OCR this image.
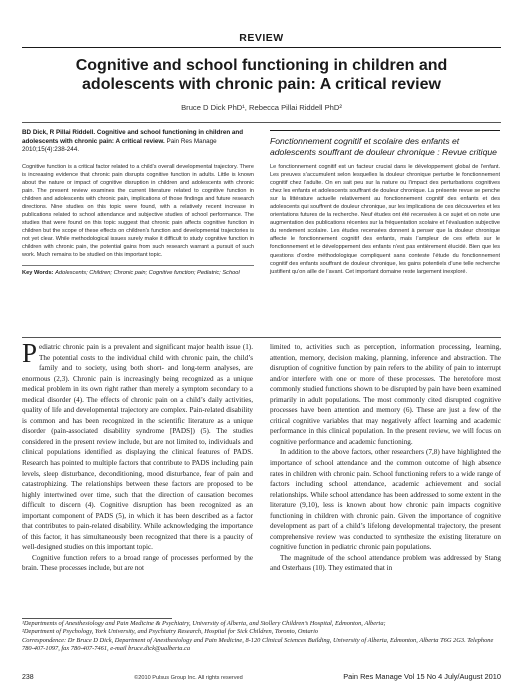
REVIEW
Cognitive and school functioning in children and adolescents with chronic pain: A critical review
Bruce D Dick PhD¹, Rebecca Pillai Riddell PhD²
BD Dick, R Pillai Riddell. Cognitive and school functioning in children and adolescents with chronic pain: A critical review. Pain Res Manage 2010;15(4):238-244.
Cognitive function is a critical factor related to a child’s overall developmental trajectory. There is increasing evidence that chronic pain disrupts cognitive function in adults. Little is known about the nature or impact of cognitive disruption in children and adolescents with chronic pain. The present review examines the current literature related to cognitive function in children and adolescents with chronic pain, implications of those findings and future research directions. Nine studies on this topic were found, with a relatively recent increase in publications related to school attendance and subjective studies of school performance. The studies that were found on this topic suggest that chronic pain affects cognitive function in children but the scope of these effects on children’s function and developmental trajectories is not yet clear. While methodological issues surely make it difficult to study cognitive function in children with chronic pain, the potential gains from such research warrant a pursuit of such work. Much remains to be studied on this important topic.
Key Words: Adolescents; Children; Chronic pain; Cognitive function; Pediatric; School
Fonctionnement cognitif et scolaire des enfants et adolescents souffrant de douleur chronique : Revue critique
Le fonctionnement cognitif est un facteur crucial dans le développement global de l’enfant. Les preuves s’accumulent selon lesquelles la douleur chronique perturbe le fonctionnement cognitif chez l’adulte. On en sait peu sur la nature ou l’impact des perturbations cognitives chez les enfants et adolescents souffrant de douleur chronique. La présente revue se penche sur la littérature actuelle relativement au fonctionnement cognitif des enfants et des adolescents qui souffrent de douleur chronique, sur les implications de ces découvertes et les orientations futures de la recherche. Neuf études ont été recensées à ce sujet et on note une augmentation des publications récentes sur la fréquentation scolaire et l’évaluation subjective du rendement scolaire. Les études recensées donnent à penser que la douleur chronique affecte le fonctionnement cognitif des enfants, mais l’ampleur de ces effets sur le fonctionnement et le développement des enfants n’est pas entièrement élucidé. Bien que les questions d’ordre méthodologique compliquent sans conteste l’étude du fonctionnement cognitif des enfants souffrant de douleur chronique, les gains potentiels d’une telle recherche justifient qu’on aille de l’avant. Cet important domaine reste largement inexploré.

Pediatric chronic pain is a prevalent and significant major health issue (1). The potential costs to the individual child with chronic pain, the child’s family and to society, using both short- and long-term analyses, are enormous (2,3). Chronic pain is increasingly being recognized as a unique medical problem in its own right rather than merely a symptom secondary to a medical disorder (4). The effects of chronic pain on a child’s daily activities, quality of life and developmental trajectory are complex. Pain-related disability is common and has been recognized in the scientific literature as a unique disorder (pain-associated disability syndrome [PADS]) (5). The studies considered in the present review include, but are not limited to, individuals and clinical populations identified as displaying the clinical features of PADS. Research has pointed to multiple factors that contribute to PADS including pain levels, sleep disturbance, deconditioning, mood disturbance, fear of pain and catastrophizing. The relationships between these factors are proposed to be highly intertwined over time, such that the direction of causation becomes difficult to discern (4). Cognitive disruption has been recognized as an important component of PADS (5), in which it has been described as a factor that contributes to pain-related disability. While acknowledging the importance of this factor, it has simultaneously been recognized that there is a paucity of well-designed studies on this important topic.

Cognitive function refers to a broad range of processes performed by the brain. These processes include, but are not

limited to, activities such as perception, information processing, learning, attention, memory, decision making, planning, inference and abstraction. The disruption of cognitive function by pain refers to the ability of pain to interrupt and/or interfere with one or more of these processes. The heretofore most commonly studied functions shown to be disrupted by pain have been examined primarily in adult populations. The most commonly cited disrupted cognitive processes have been attention and memory (6). These are just a few of the critical cognitive variables that may negatively affect learning and academic performance in this clinical population. In the present review, we will focus on cognitive performance and academic functioning.

In addition to the above factors, other researchers (7,8) have highlighted the importance of school attendance and the common outcome of high absence rates in children with chronic pain. School functioning refers to a wide range of factors including school attendance, academic achievement and social relationships. While school attendance has been addressed to some extent in the literature (9,10), less is known about how chronic pain impacts cognitive functioning in children with chronic pain. Given the importance of cognitive development as part of a child’s lifelong developmental trajectory, the present comprehensive review was conducted to synthesize the existing literature on cognitive function in pediatric chronic pain populations.

The magnitude of the school attendance problem was addressed by Stang and Osterhaus (10). They estimated that in

¹Departments of Anesthesiology and Pain Medicine & Psychiatry, University of Alberta, and Stollery Children’s Hospital, Edmonton, Alberta;
²Department of Psychology, York University, and Psychiatry Research, Hospital for Sick Children, Toronto, Ontario
Correspondence: Dr Bruce D Dick, Department of Anesthesiology and Pain Medicine, 8-120 Clinical Sciences Building, University of Alberta, Edmonton, Alberta T6G 2G3. Telephone 780-407-1097, fax 780-407-7461, e-mail bruce.dick@ualberta.ca
238	©2010 Pulsus Group Inc. All rights reserved	Pain Res Manage Vol 15 No 4 July/August 2010
